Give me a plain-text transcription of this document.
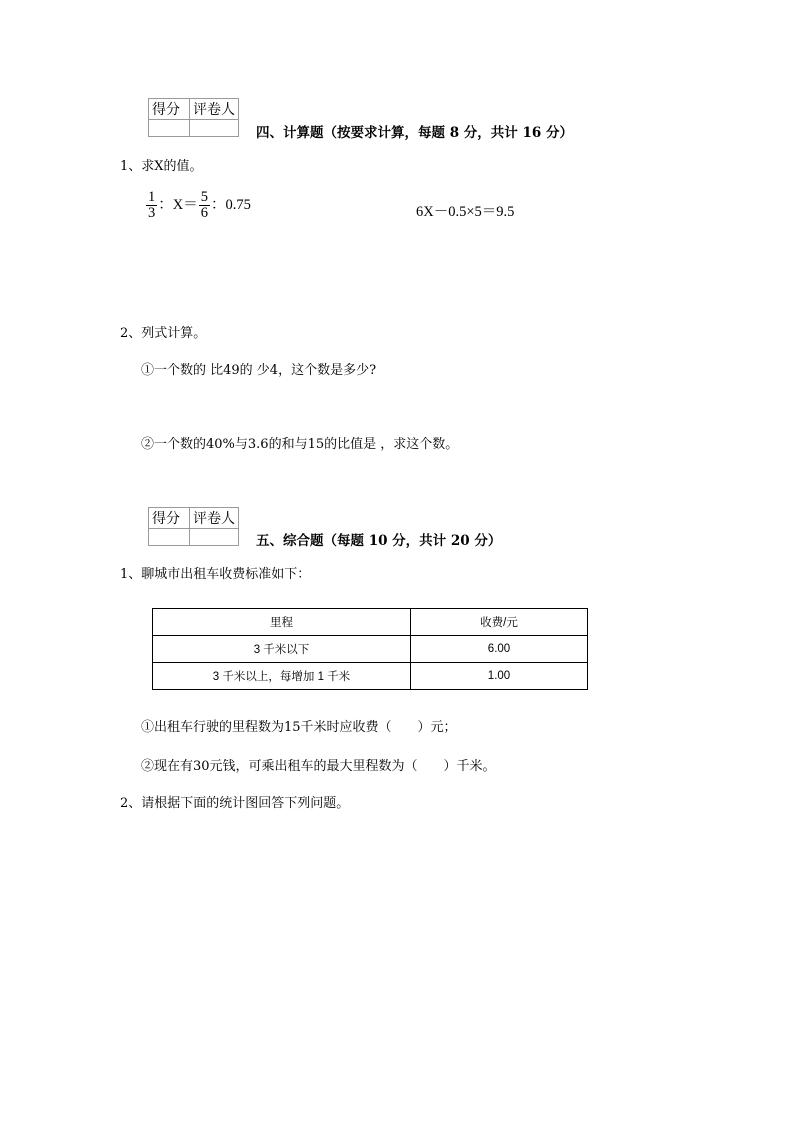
得分	评卷人

四、计算题（按要求计算，每题 8 分，共计 16 分）
1、求X的值。
$\frac{1}{3}$ ：$X= \frac{5}{6}$ ：0.75	6X－0.5×5＝9.5
2、列式计算。
①一个数的 比49的 少4，这个数是多少?
②一个数的40%与3.6的和与15的比值是 ，求这个数。
得分	评卷人

五、综合题（每题 10 分，共计 20 分）
1、聊城市出租车收费标准如下：
里程	收费/元
3 千米以下	6.00
3 千米以上，每增加 1 千米	1.00
①出租车行驶的里程数为15千米时应收费（　　）元；
②现在有30元钱，可乘出租车的最大里程数为（　　）千米。
2、请根据下面的统计图回答下列问题。
